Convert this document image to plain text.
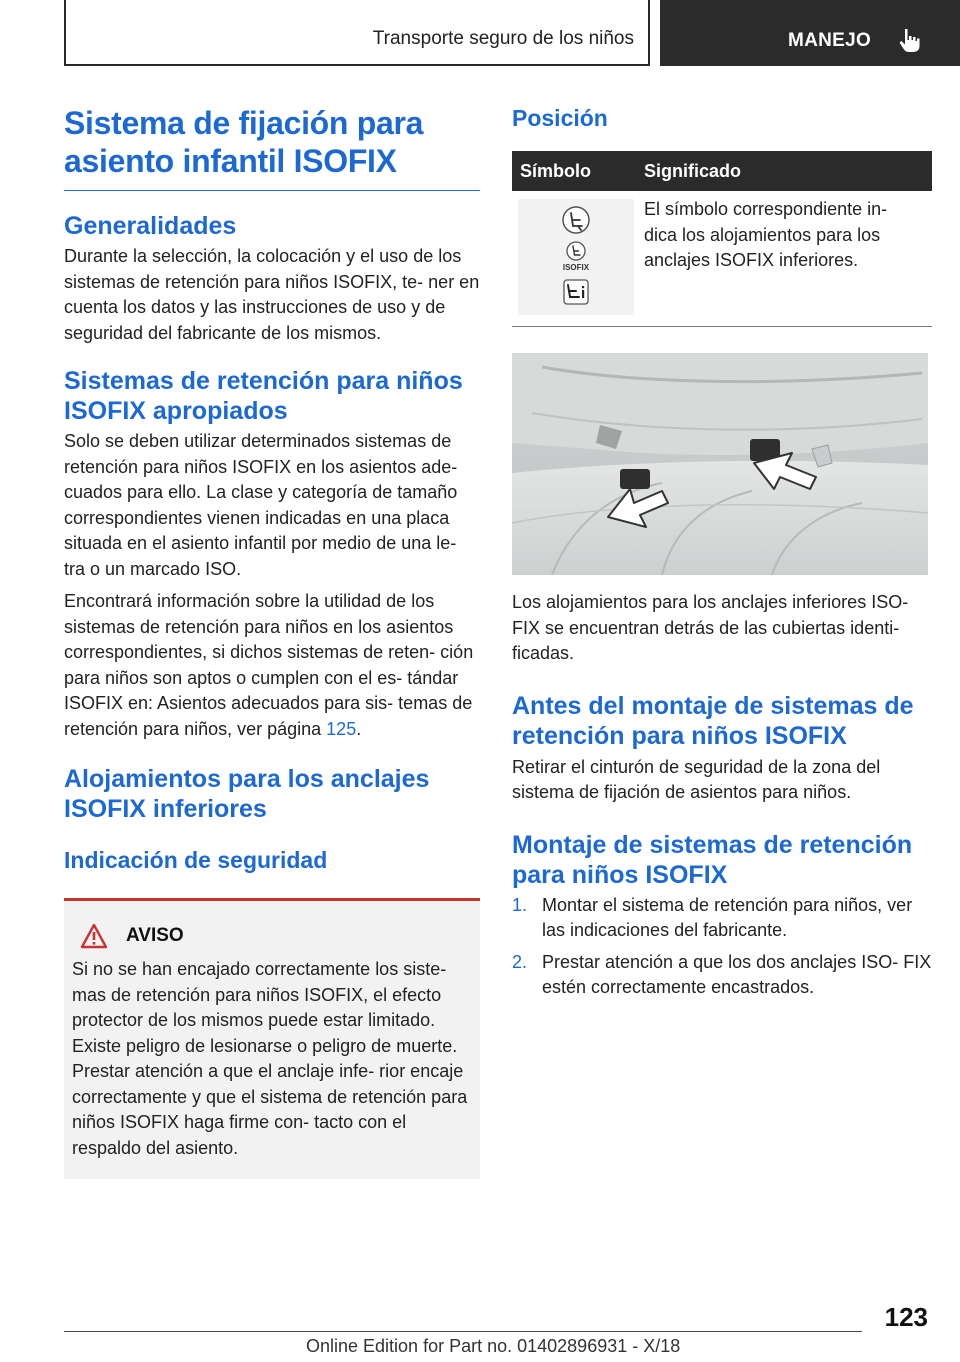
Transporte seguro de los niños	MANEJO
Sistema de fijación para
asiento infantil ISOFIX
Generalidades

Durante la selección, la colocación y el uso de los sistemas de retención para niños ISOFIX, te‐ ner en cuenta los datos y las instrucciones de uso y de seguridad del fabricante de los mismos.

Sistemas de retención para niños ISOFIX apropiados

Solo se deben utilizar determinados sistemas de retención para niños ISOFIX en los asientos ade‐ cuados para ello. La clase y categoría de tamaño correspondientes vienen indicadas en una placa situada en el asiento infantil por medio de una le‐ tra o un marcado ISO.

Encontrará información sobre la utilidad de los sistemas de retención para niños en los asientos correspondientes, si dichos sistemas de reten‐ ción para niños son aptos o cumplen con el es‐ tándar ISOFIX en: Asientos adecuados para sis‐ temas de retención para niños, ver página 125.

Alojamientos para los anclajes ISOFIX inferiores
Indicación de seguridad
AVISO

Si no se han encajado correctamente los siste‐ mas de retención para niños ISOFIX, el efecto protector de los mismos puede estar limitado. Existe peligro de lesionarse o peligro de muerte. Prestar atención a que el anclaje infe‐ rior encaje correctamente y que el sistema de retención para niños ISOFIX haga firme con‐ tacto con el respaldo del asiento.

Posición
Símbolo	Significado
ISOFIX

El símbolo correspondiente in‐ dica los alojamientos para los anclajes ISOFIX inferiores.

Los alojamientos para los anclajes inferiores ISO‐ FIX se encuentran detrás de las cubiertas identi‐ ficadas.

Antes del montaje de sistemas de retención para niños ISOFIX

Retirar el cinturón de seguridad de la zona del sistema de fijación de asientos para niños.

Montaje de sistemas de retención para niños ISOFIX
1. Montar el sistema de retención para niños, ver las indicaciones del fabricante.
2. Prestar atención a que los dos anclajes ISO‐ FIX estén correctamente encastrados.
123
Online Edition for Part no. 01402896931 - X/18
